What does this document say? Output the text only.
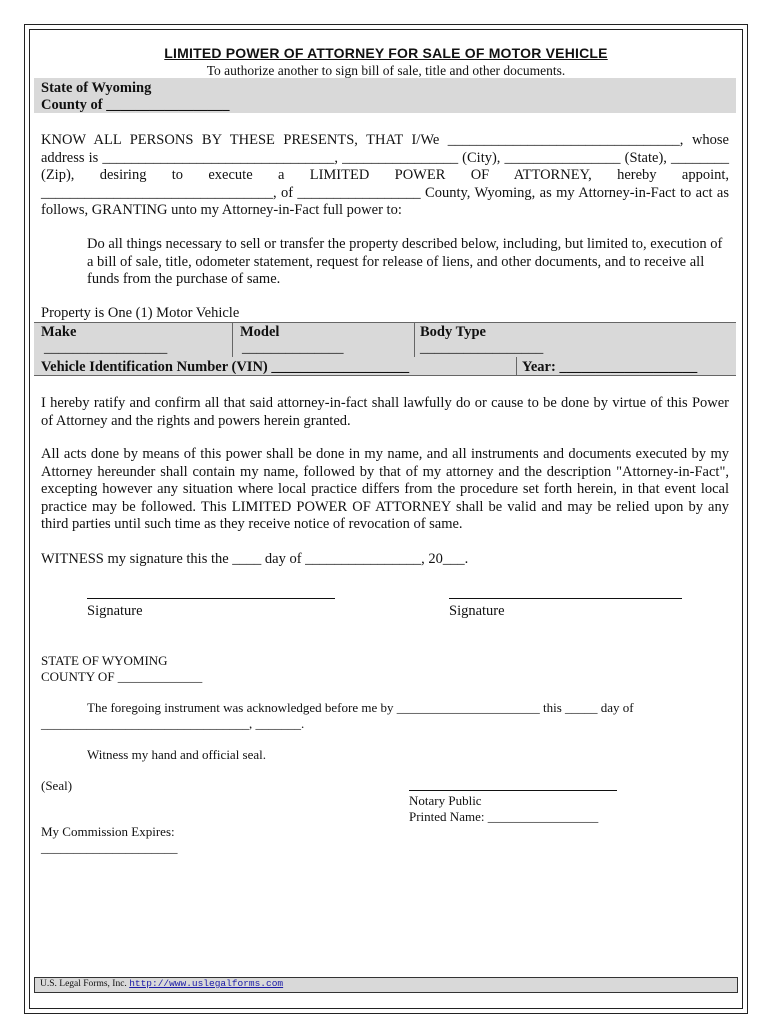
LIMITED POWER OF ATTORNEY FOR SALE OF MOTOR VEHICLE
To authorize another to sign bill of sale, title and other documents.
State of Wyoming
County of _________________
KNOW ALL PERSONS BY THESE PRESENTS, THAT I/We ________________________________, whose address is ________________________________, ________________ (City), ________________ (State), ________ (Zip), desiring to execute a LIMITED POWER OF ATTORNEY, hereby appoint, ________________________________, of _________________ County, Wyoming, as my Attorney-in-Fact to act as follows, GRANTING unto my Attorney-in-Fact full power to:
Do all things necessary to sell or transfer the property described below, including, but limited to, execution of a bill of sale, title, odometer statement, request for release of liens, and other documents, and to receive all funds from the purchase of same.
Property is One (1) Motor Vehicle
Make	Model	Body Type
_________________	______________	_________________
Vehicle Identification Number (VIN) ___________________	Year: ___________________
I hereby ratify and confirm all that said attorney-in-fact shall lawfully do or cause to be done by virtue of this Power of Attorney and the rights and powers herein granted.
All acts done by means of this power shall be done in my name, and all instruments and documents executed by my Attorney hereunder shall contain my name, followed by that of my attorney and the description "Attorney-in-Fact", excepting however any situation where local practice differs from the procedure set forth herein, in that event local practice may be followed. This LIMITED POWER OF ATTORNEY shall be valid and may be relied upon by any third parties until such time as they receive notice of revocation of same.
WITNESS my signature this the ____ day of ________________, 20___.
Signature	Signature
STATE OF WYOMING
COUNTY OF _____________
The foregoing instrument was acknowledged before me by ______________________ this _____ day of
________________________________, _______.
Witness my hand and official seal.
(Seal)
Notary Public
Printed Name: _________________
My Commission Expires:
_____________________
U.S. Legal Forms, Inc. http://www.uslegalforms.com
